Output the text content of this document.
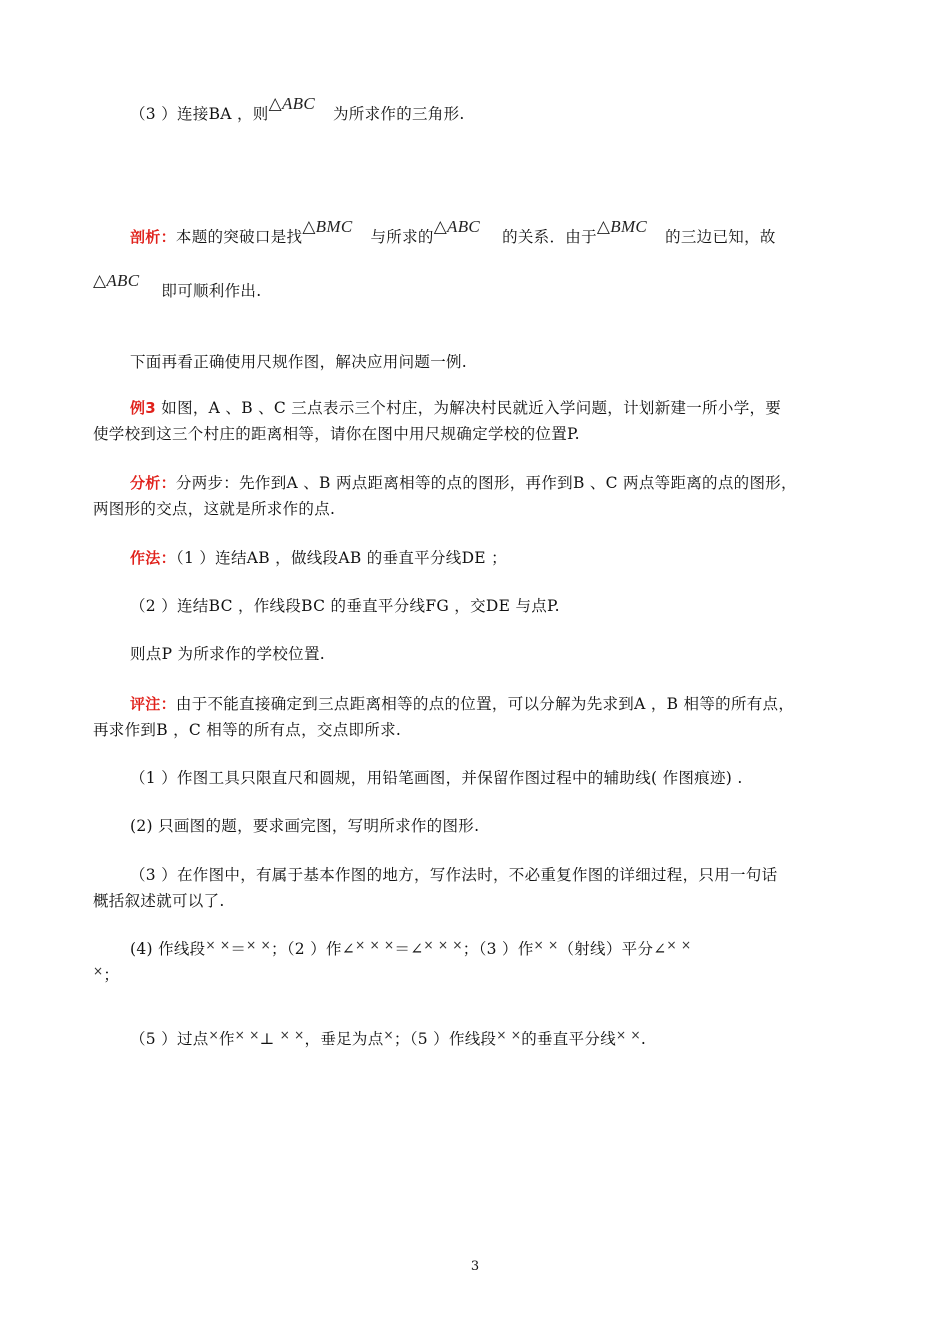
（3 ）连接BA ，则△ABC为所求作的三角形.
剖析：本题的突破口是找△BMC与所求的△ABC的关系．由于△BMC的三边已知，故
△ABC即可顺利作出.
下面再看正确使用尺规作图，解决应用问题一例.
例3 如图，A 、B 、C 三点表示三个村庄，为解决村民就近入学问题，计划新建一所小学，要
使学校到这三个村庄的距离相等，请你在图中用尺规确定学校的位置P.
分析：分两步：先作到A 、B 两点距离相等的点的图形，再作到B 、C 两点等距离的点的图形，
两图形的交点，这就是所求作的点.
作法：（1 ）连结AB ，做线段AB 的垂直平分线DE ；
（2 ）连结BC ，作线段BC 的垂直平分线FG ，交DE 与点P.
则点P 为所求作的学校位置.
评注：由于不能直接确定到三点距离相等的点的位置，可以分解为先求到A ，B 相等的所有点，
再求作到B ，C 相等的所有点，交点即所求.
（1 ）作图工具只限直尺和圆规，用铅笔画图，并保留作图过程中的辅助线( 作图痕迹) .
(2) 只画图的题，要求画完图，写明所求作的图形.
（3 ）在作图中，有属于基本作图的地方，写作法时，不必重复作图的详细过程，只用一句话
概括叙述就可以了.
(4) 作线段× ×＝× ×；（2 ）作∠× × ×＝∠× × ×；（3 ）作× ×（射线）平分∠× ×
×；
（5 ）过点×作× ×⊥ × ×，垂足为点×；（5 ）作线段× ×的垂直平分线× ×.
3
